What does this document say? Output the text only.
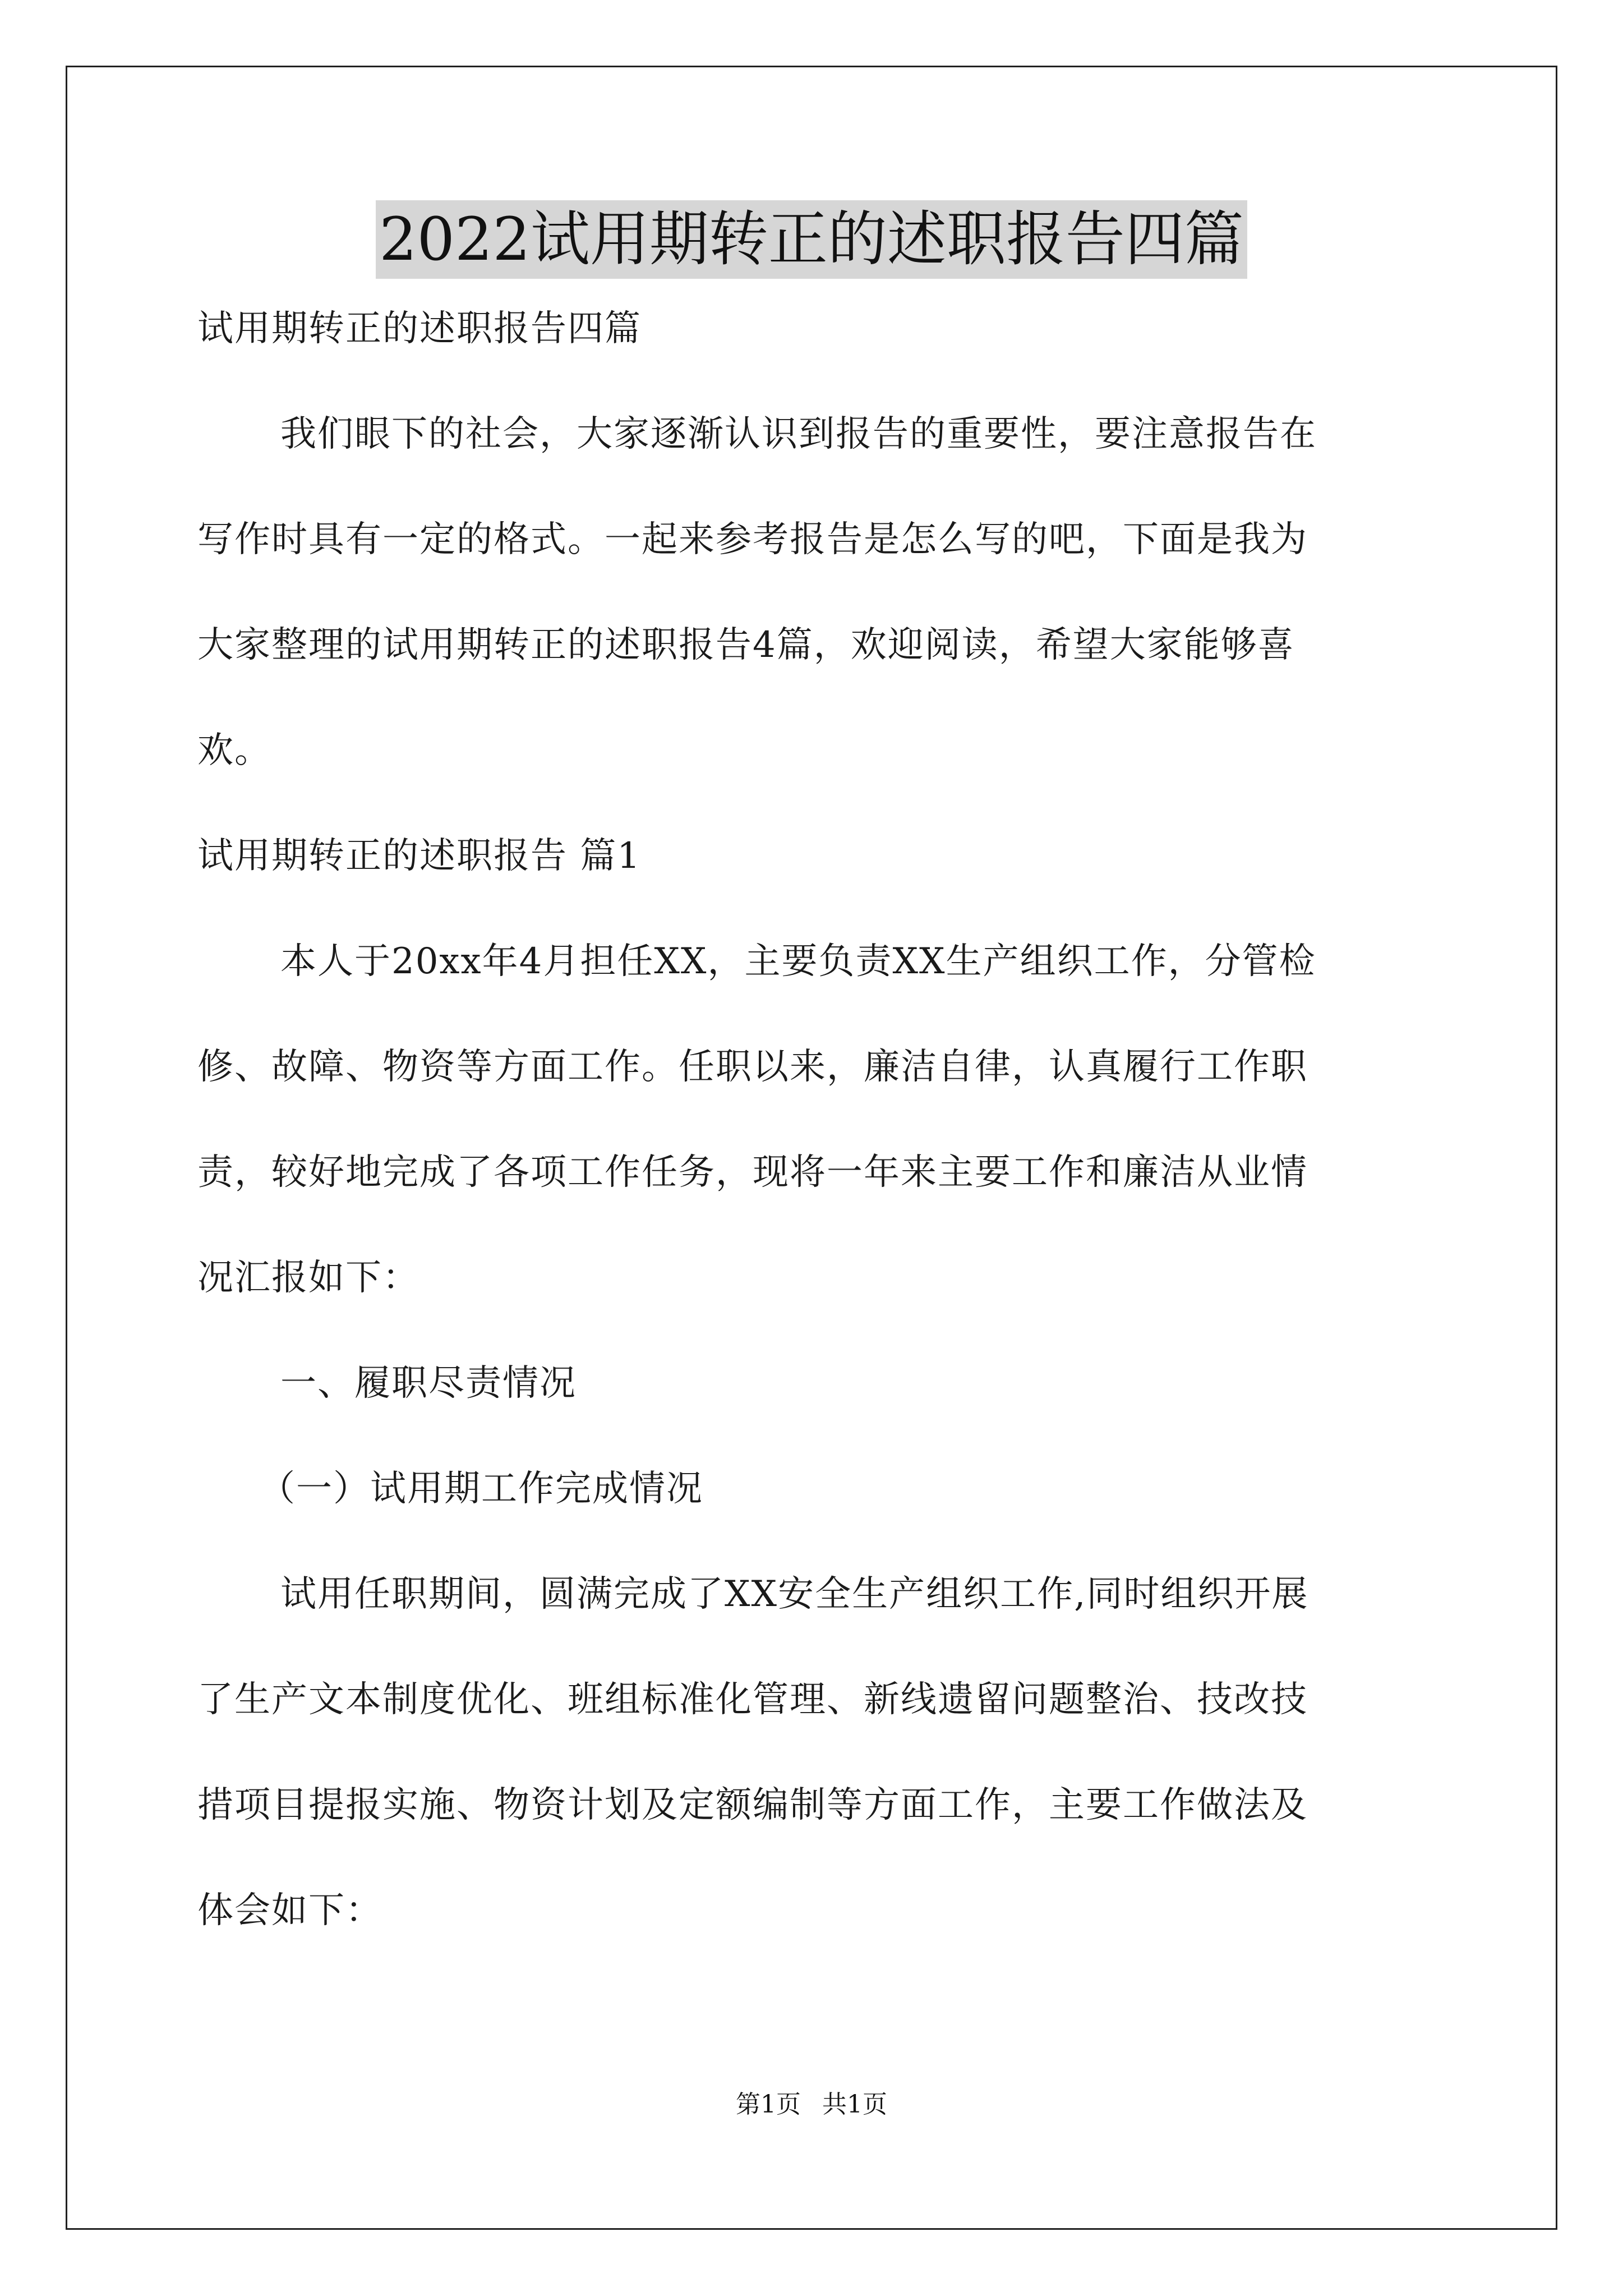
2022试用期转正的述职报告四篇
试用期转正的述职报告四篇
我们眼下的社会，大家逐渐认识到报告的重要性，要注意报告在
写作时具有一定的格式。一起来参考报告是怎么写的吧，下面是我为
大家整理的试用期转正的述职报告4篇，欢迎阅读，希望大家能够喜
欢。
试用期转正的述职报告 篇1
本人于20xx年4月担任XX，主要负责XX生产组织工作，分管检
修、故障、物资等方面工作。任职以来，廉洁自律，认真履行工作职
责，较好地完成了各项工作任务，现将一年来主要工作和廉洁从业情
况汇报如下：
一、履职尽责情况
（一）试用期工作完成情况
试用任职期间，圆满完成了XX安全生产组织工作,同时组织开展
了生产文本制度优化、班组标准化管理、新线遗留问题整治、技改技
措项目提报实施、物资计划及定额编制等方面工作，主要工作做法及
体会如下：
第1页 共1页
